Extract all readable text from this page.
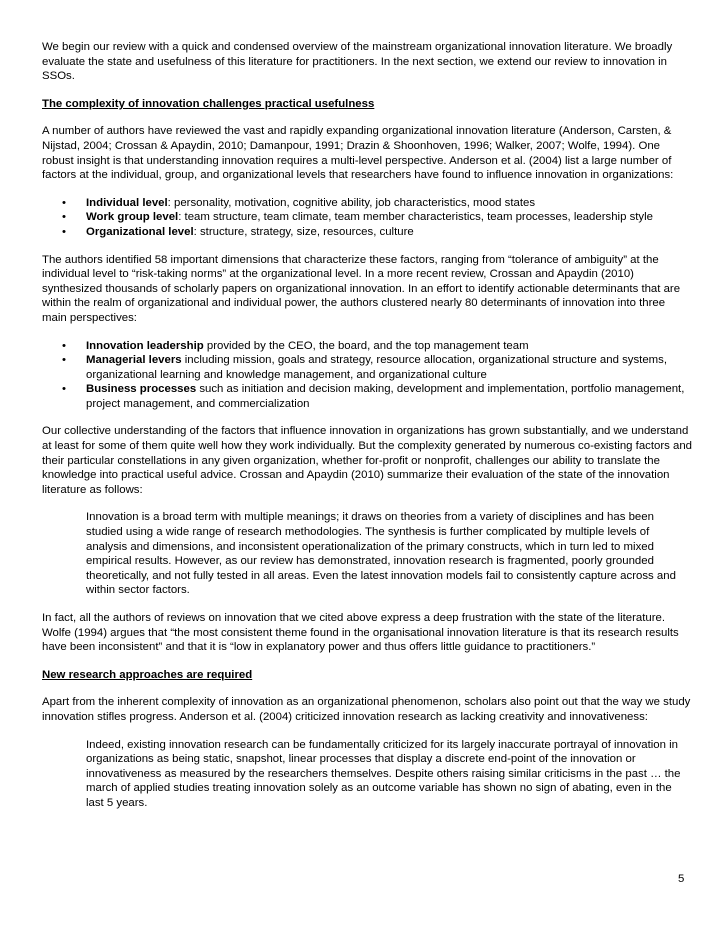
We begin our review with a quick and condensed overview of the mainstream organizational innovation literature. We broadly evaluate the state and usefulness of this literature for practitioners. In the next section, we extend our review to innovation in SSOs.

The complexity of innovation challenges practical usefulness

A number of authors have reviewed the vast and rapidly expanding organizational innovation literature (Anderson, Carsten, & Nijstad, 2004; Crossan & Apaydin, 2010; Damanpour, 1991; Drazin & Shoonhoven, 1996; Walker, 2007; Wolfe, 1994). One robust insight is that understanding innovation requires a multi-level perspective. Anderson et al. (2004) list a large number of factors at the individual, group, and organizational levels that researchers have found to influence innovation in organizations:

• Individual level: personality, motivation, cognitive ability, job characteristics, mood states
• Work group level: team structure, team climate, team member characteristics, team processes, leadership style
• Organizational level: structure, strategy, size, resources, culture

The authors identified 58 important dimensions that characterize these factors, ranging from “tolerance of ambiguity” at the individual level to “risk-taking norms” at the organizational level. In a more recent review, Crossan and Apaydin (2010) synthesized thousands of scholarly papers on organizational innovation. In an effort to identify actionable determinants that are within the realm of organizational and individual power, the authors clustered nearly 80 determinants of innovation into three main perspectives:

• Innovation leadership provided by the CEO, the board, and the top management team
• Managerial levers including mission, goals and strategy, resource allocation, organizational structure and systems, organizational learning and knowledge management, and organizational culture
• Business processes such as initiation and decision making, development and implementation, portfolio management, project management, and commercialization

Our collective understanding of the factors that influence innovation in organizations has grown substantially, and we understand at least for some of them quite well how they work individually. But the complexity generated by numerous co-existing factors and their particular constellations in any given organization, whether for-profit or nonprofit, challenges our ability to translate the knowledge into practical useful advice. Crossan and Apaydin (2010) summarize their evaluation of the state of the innovation literature as follows:

Innovation is a broad term with multiple meanings; it draws on theories from a variety of disciplines and has been studied using a wide range of research methodologies. The synthesis is further complicated by multiple levels of analysis and dimensions, and inconsistent operationalization of the primary constructs, which in turn led to mixed empirical results. However, as our review has demonstrated, innovation research is fragmented, poorly grounded theoretically, and not fully tested in all areas. Even the latest innovation models fail to consistently capture across and within sector factors.

In fact, all the authors of reviews on innovation that we cited above express a deep frustration with the state of the literature. Wolfe (1994) argues that “the most consistent theme found in the organisational innovation literature is that its research results have been inconsistent” and that it is “low in explanatory power and thus offers little guidance to practitioners.”

New research approaches are required

Apart from the inherent complexity of innovation as an organizational phenomenon, scholars also point out that the way we study innovation stifles progress. Anderson et al. (2004) criticized innovation research as lacking creativity and innovativeness:

Indeed, existing innovation research can be fundamentally criticized for its largely inaccurate portrayal of innovation in organizations as being static, snapshot, linear processes that display a discrete end-point of the innovation or innovativeness as measured by the researchers themselves. Despite others raising similar criticisms in the past … the march of applied studies treating innovation solely as an outcome variable has shown no sign of abating, even in the last 5 years.
5
